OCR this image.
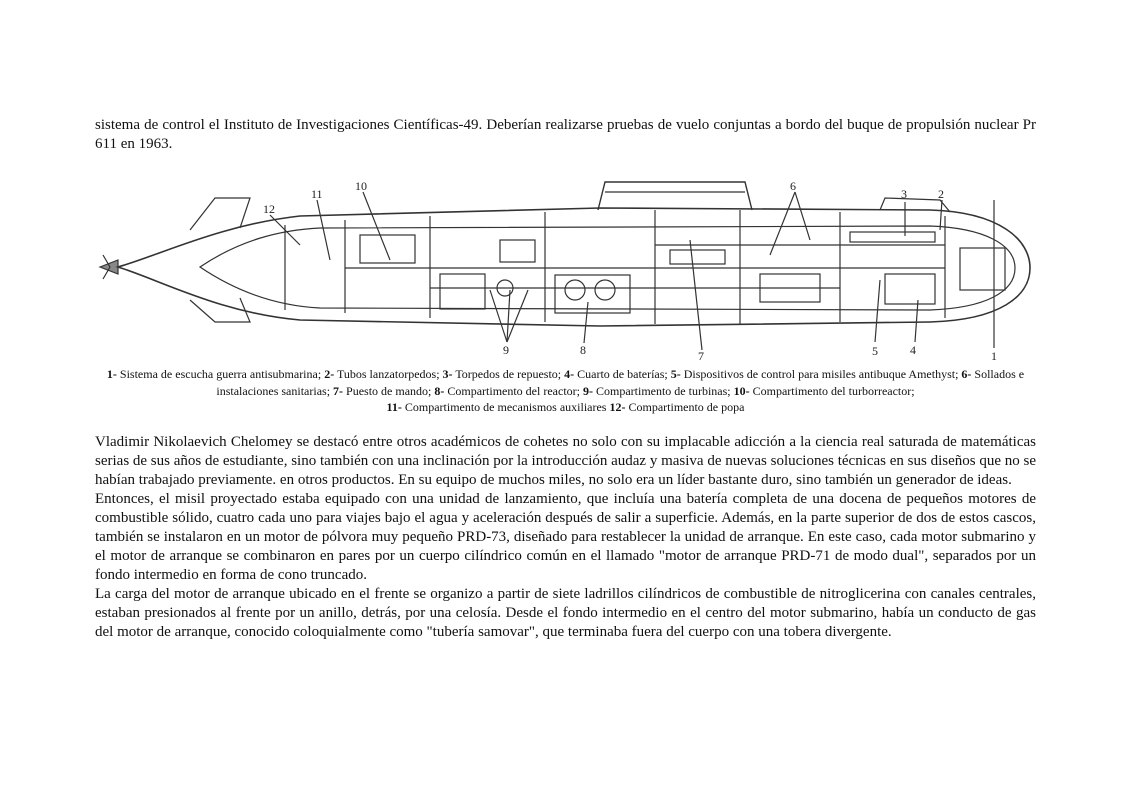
sistema de control el Instituto de Investigaciones Científicas-49. Deberían realizarse pruebas de vuelo conjuntas a bordo del buque de propulsión nuclear Pr 611 en 1963.

1
2
3
4
5
6
7
8
9
10
11
12

1- Sistema de escucha guerra antisubmarina; 2- Tubos lanzatorpedos; 3- Torpedos de repuesto; 4- Cuarto de baterías; 5- Dispositivos de control para misiles antibuque Amethyst; 6- Sollados e instalaciones sanitarias; 7- Puesto de mando; 8- Compartimento del reactor; 9- Compartimento de turbinas; 10- Compartimento del turborreactor;
11- Compartimento de mecanismos auxiliares 12- Compartimento de popa

Vladimir Nikolaevich Chelomey se destacó entre otros académicos de cohetes no solo con su implacable adicción a la ciencia real saturada de matemáticas serias de sus años de estudiante, sino también con una inclinación por la introducción audaz y masiva de nuevas soluciones técnicas en sus diseños que no se habían trabajado previamente. en otros productos. En su equipo de muchos miles, no solo era un líder bastante duro, sino también un generador de ideas.
Entonces, el misil proyectado estaba equipado con una unidad de lanzamiento, que incluía una batería completa de una docena de pequeños motores de combustible sólido, cuatro cada uno para viajes bajo el agua y aceleración después de salir a superficie. Además, en la parte superior de dos de estos cascos, también se instalaron en un motor de pólvora muy pequeño PRD-73, diseñado para restablecer la unidad de arranque. En este caso, cada motor submarino y el motor de arranque se combinaron en pares por un cuerpo cilíndrico común en el llamado "motor de arranque PRD-71 de modo dual", separados por un fondo intermedio en forma de cono truncado.
La carga del motor de arranque ubicado en el frente se organizo a partir de siete ladrillos cilíndricos de combustible de nitroglicerina con canales centrales, estaban presionados al frente por un anillo, detrás, por una celosía. Desde el fondo intermedio en el centro del motor submarino, había un conducto de gas del motor de arranque, conocido coloquialmente como "tubería samovar", que terminaba fuera del cuerpo con una tobera divergente.
